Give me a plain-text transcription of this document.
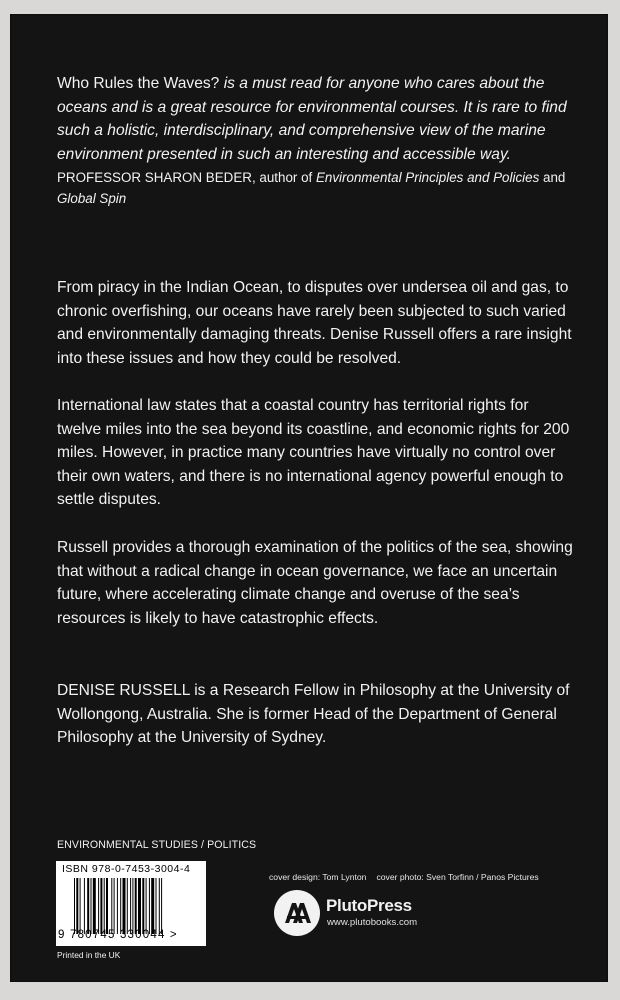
Who Rules the Waves? is a must read for anyone who cares about the oceans and is a great resource for environmental courses. It is rare to find such a holistic, interdisciplinary, and comprehensive view of the marine environment presented in such an interesting and accessible way.

PROFESSOR SHARON BEDER, author of Environmental Principles and Policies and Global Spin

From piracy in the Indian Ocean, to disputes over undersea oil and gas, to chronic overfishing, our oceans have rarely been subjected to such varied and environmentally damaging threats. Denise Russell offers a rare insight into these issues and how they could be resolved.

International law states that a coastal country has territorial rights for twelve miles into the sea beyond its coastline, and economic rights for 200 miles. However, in practice many countries have virtually no control over their own waters, and there is no international agency powerful enough to settle disputes.

Russell provides a thorough examination of the politics of the sea, showing that without a radical change in ocean governance, we face an uncertain future, where accelerating climate change and overuse of the sea’s resources is likely to have catastrophic effects.

DENISE RUSSELL is a Research Fellow in Philosophy at the University of Wollongong, Australia. She is former Head of the Department of General Philosophy at the University of Sydney.

ENVIRONMENTAL STUDIES / POLITICS
ISBN 978-0-7453-3004-4
9 780745 330044 >
Printed in the UK
cover design: Tom Lynton cover photo: Sven Torfinn / Panos Pictures
PlutoPress
www.plutobooks.com
